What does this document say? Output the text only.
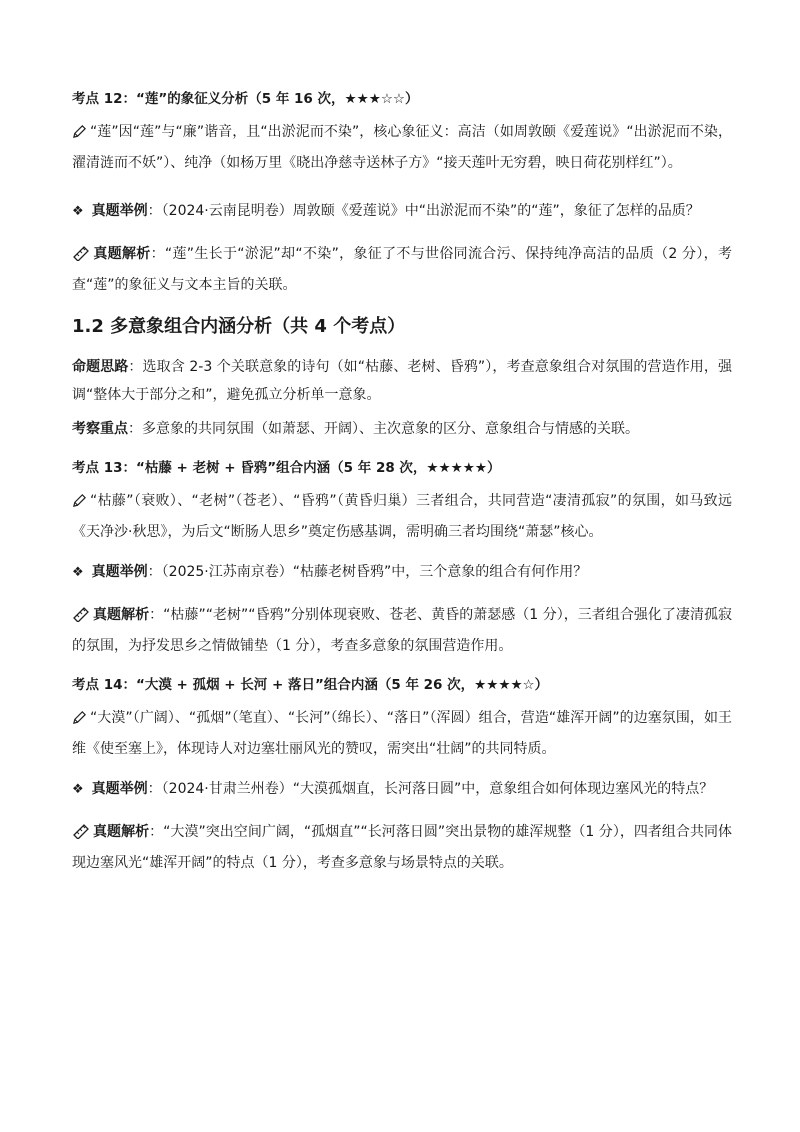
考点 12：“莲”的象征义分析（5 年 16 次，★★★☆☆）

“莲”因“莲”与“廉”谐音，且“出淤泥而不染”，核心象征义：高洁（如周敦颐《爱莲说》“出淤泥而不染，濯清涟而不妖”）、纯净（如杨万里《晓出净慈寺送林子方》“接天莲叶无穷碧，映日荷花别样红”）。

❖ 真题举例：（2024·云南昆明卷）周敦颐《爱莲说》中“出淤泥而不染”的“莲”，象征了怎样的品质？

真题解析：“莲”生长于“淤泥”却“不染”，象征了不与世俗同流合污、保持纯净高洁的品质（2 分），考查“莲”的象征义与文本主旨的关联。

1.2 多意象组合内涵分析（共 4 个考点）

命题思路：选取含 2-3 个关联意象的诗句（如“枯藤、老树、昏鸦”），考查意象组合对氛围的营造作用，强调“整体大于部分之和”，避免孤立分析单一意象。

考察重点：多意象的共同氛围（如萧瑟、开阔）、主次意象的区分、意象组合与情感的关联。

考点 13：“枯藤 + 老树 + 昏鸦”组合内涵（5 年 28 次，★★★★★）

“枯藤”（衰败）、“老树”（苍老）、“昏鸦”（黄昏归巢）三者组合，共同营造“凄清孤寂”的氛围，如马致远《天净沙·秋思》，为后文“断肠人思乡”奠定伤感基调，需明确三者均围绕“萧瑟”核心。

❖ 真题举例：（2025·江苏南京卷）“枯藤老树昏鸦”中，三个意象的组合有何作用？

真题解析：“枯藤”“老树”“昏鸦”分别体现衰败、苍老、黄昏的萧瑟感（1 分），三者组合强化了凄清孤寂的氛围，为抒发思乡之情做铺垫（1 分），考查多意象的氛围营造作用。

考点 14：“大漠 + 孤烟 + 长河 + 落日”组合内涵（5 年 26 次，★★★★☆）

“大漠”（广阔）、“孤烟”（笔直）、“长河”（绵长）、“落日”（浑圆）组合，营造“雄浑开阔”的边塞氛围，如王维《使至塞上》，体现诗人对边塞壮丽风光的赞叹，需突出“壮阔”的共同特质。

❖ 真题举例：（2024·甘肃兰州卷）“大漠孤烟直，长河落日圆”中，意象组合如何体现边塞风光的特点？

真题解析：“大漠”突出空间广阔，“孤烟直”“长河落日圆”突出景物的雄浑规整（1 分），四者组合共同体现边塞风光“雄浑开阔”的特点（1 分），考查多意象与场景特点的关联。
